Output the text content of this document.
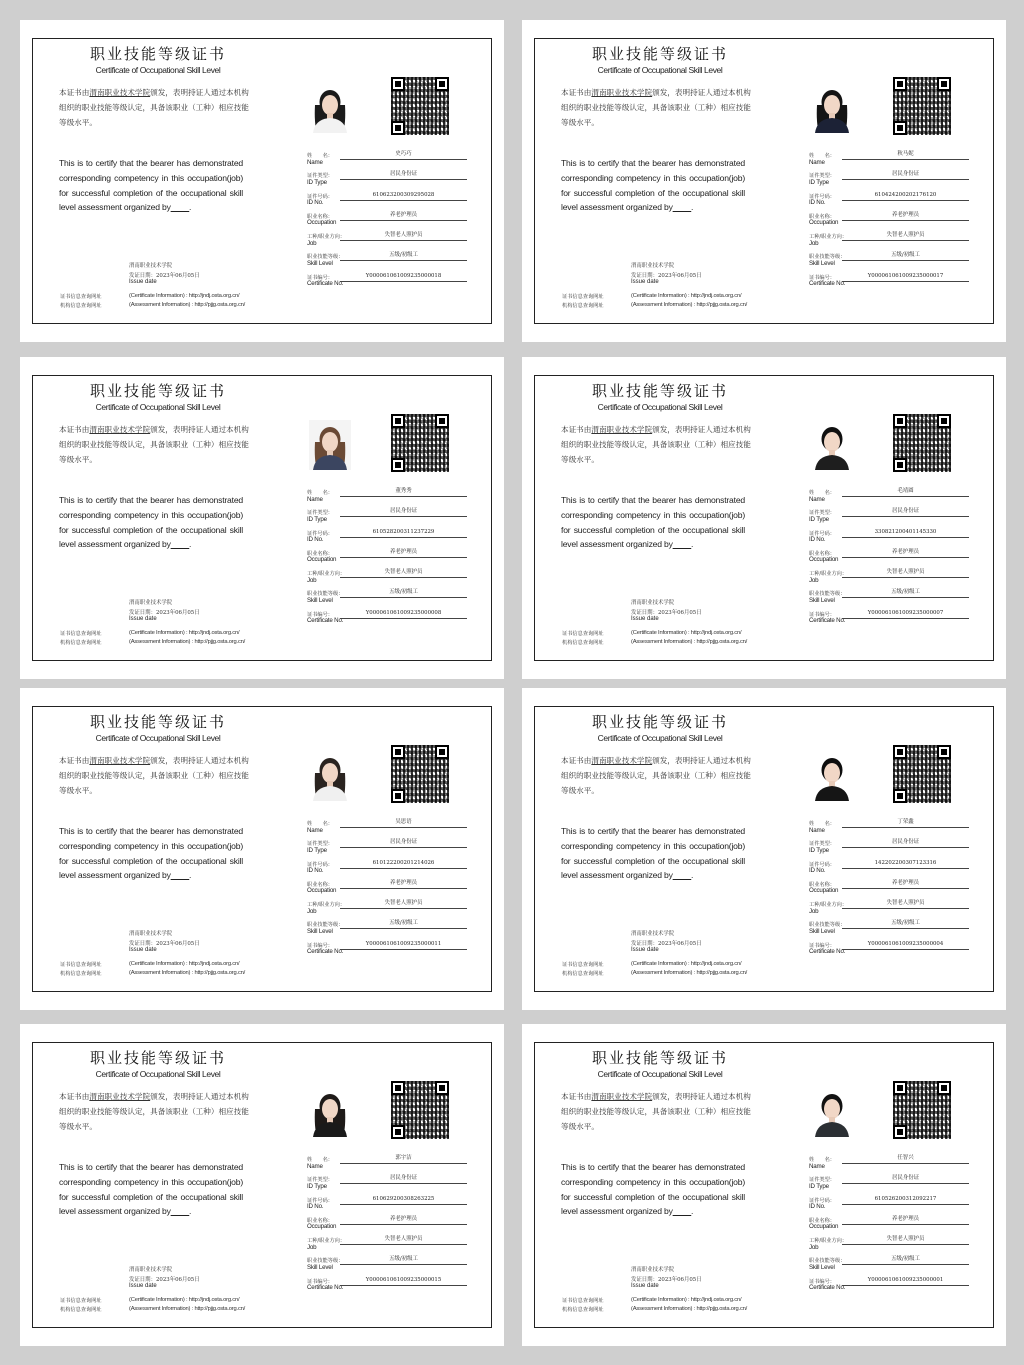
职业技能等级证书
Certificate of Occupational Skill Level
本证书由渭南职业技术学院颁发，表明持证人通过本机构组织的职业技能等级认定，具备该职业（工种）相应技能等级水平。
This is to certify that the bearer has demonstrated corresponding competency in this occupation(job) for successful completion of the occupational skill level assessment organized by____.
姓　　名：
Name
史巧巧
证件类型：
ID Type
居民身份证
证件号码：
ID No.
610623200309295028
职业名称：
Occupation
养老护理员
工种/职业方向：
Job
失智老人照护员
职业技能等级：
Skill Level
五级/初级工
证书编号：
Certificate No.
Y000061061009235000018
渭南职业技术学院
发证日期：2023年06月05日
Issue date
证书信息查询网址	(Certificate Information) : http://jndj.osta.org.cn/
机构信息查询网址	(Assessment Information) : http://pjjg.osta.org.cn/
职业技能等级证书
Certificate of Occupational Skill Level
本证书由渭南职业技术学院颁发，表明持证人通过本机构组织的职业技能等级认定，具备该职业（工种）相应技能等级水平。
This is to certify that the bearer has demonstrated corresponding competency in this occupation(job) for successful completion of the occupational skill level assessment organized by____.
姓　　名：
Name
秋马妮
证件类型：
ID Type
居民身份证
证件号码：
ID No.
610424200202176120
职业名称：
Occupation
养老护理员
工种/职业方向：
Job
失智老人照护员
职业技能等级：
Skill Level
五级/初级工
证书编号：
Certificate No.
Y000061061009235000017
渭南职业技术学院
发证日期：2023年06月05日
Issue date
证书信息查询网址	(Certificate Information) : http://jndj.osta.org.cn/
机构信息查询网址	(Assessment Information) : http://pjjg.osta.org.cn/
职业技能等级证书
Certificate of Occupational Skill Level
本证书由渭南职业技术学院颁发，表明持证人通过本机构组织的职业技能等级认定，具备该职业（工种）相应技能等级水平。
This is to certify that the bearer has demonstrated corresponding competency in this occupation(job) for successful completion of the occupational skill level assessment organized by____.
姓　　名：
Name
董秀秀
证件类型：
ID Type
居民身份证
证件号码：
ID No.
610528200311237229
职业名称：
Occupation
养老护理员
工种/职业方向：
Job
失智老人照护员
职业技能等级：
Skill Level
五级/初级工
证书编号：
Certificate No.
Y000061061009235000008
渭南职业技术学院
发证日期：2023年06月05日
Issue date
证书信息查询网址	(Certificate Information) : http://jndj.osta.org.cn/
机构信息查询网址	(Assessment Information) : http://pjjg.osta.org.cn/
职业技能等级证书
Certificate of Occupational Skill Level
本证书由渭南职业技术学院颁发，表明持证人通过本机构组织的职业技能等级认定，具备该职业（工种）相应技能等级水平。
This is to certify that the bearer has demonstrated corresponding competency in this occupation(job) for successful completion of the occupational skill level assessment organized by____.
姓　　名：
Name
毛靖圆
证件类型：
ID Type
居民身份证
证件号码：
ID No.
330821200401145330
职业名称：
Occupation
养老护理员
工种/职业方向：
Job
失智老人照护员
职业技能等级：
Skill Level
五级/初级工
证书编号：
Certificate No.
Y000061061009235000007
渭南职业技术学院
发证日期：2023年06月05日
Issue date
证书信息查询网址	(Certificate Information) : http://jndj.osta.org.cn/
机构信息查询网址	(Assessment Information) : http://pjjg.osta.org.cn/
职业技能等级证书
Certificate of Occupational Skill Level
本证书由渭南职业技术学院颁发，表明持证人通过本机构组织的职业技能等级认定，具备该职业（工种）相应技能等级水平。
This is to certify that the bearer has demonstrated corresponding competency in this occupation(job) for successful completion of the occupational skill level assessment organized by____.
姓　　名：
Name
吴思语
证件类型：
ID Type
居民身份证
证件号码：
ID No.
610122200201214026
职业名称：
Occupation
养老护理员
工种/职业方向：
Job
失智老人照护员
职业技能等级：
Skill Level
五级/初级工
证书编号：
Certificate No.
Y000061061009235000011
渭南职业技术学院
发证日期：2023年06月05日
Issue date
证书信息查询网址	(Certificate Information) : http://jndj.osta.org.cn/
机构信息查询网址	(Assessment Information) : http://pjjg.osta.org.cn/
职业技能等级证书
Certificate of Occupational Skill Level
本证书由渭南职业技术学院颁发，表明持证人通过本机构组织的职业技能等级认定，具备该职业（工种）相应技能等级水平。
This is to certify that the bearer has demonstrated corresponding competency in this occupation(job) for successful completion of the occupational skill level assessment organized by____.
姓　　名：
Name
丁荣鑫
证件类型：
ID Type
居民身份证
证件号码：
ID No.
142202200307123316
职业名称：
Occupation
养老护理员
工种/职业方向：
Job
失智老人照护员
职业技能等级：
Skill Level
五级/初级工
证书编号：
Certificate No.
Y000061061009235000004
渭南职业技术学院
发证日期：2023年06月05日
Issue date
证书信息查询网址	(Certificate Information) : http://jndj.osta.org.cn/
机构信息查询网址	(Assessment Information) : http://pjjg.osta.org.cn/
职业技能等级证书
Certificate of Occupational Skill Level
本证书由渭南职业技术学院颁发，表明持证人通过本机构组织的职业技能等级认定，具备该职业（工种）相应技能等级水平。
This is to certify that the bearer has demonstrated corresponding competency in this occupation(job) for successful completion of the occupational skill level assessment organized by____.
姓　　名：
Name
郭宇洁
证件类型：
ID Type
居民身份证
证件号码：
ID No.
610629200308263225
职业名称：
Occupation
养老护理员
工种/职业方向：
Job
失智老人照护员
职业技能等级：
Skill Level
五级/初级工
证书编号：
Certificate No.
Y000061061009235000015
渭南职业技术学院
发证日期：2023年06月05日
Issue date
证书信息查询网址	(Certificate Information) : http://jndj.osta.org.cn/
机构信息查询网址	(Assessment Information) : http://pjjg.osta.org.cn/
职业技能等级证书
Certificate of Occupational Skill Level
本证书由渭南职业技术学院颁发，表明持证人通过本机构组织的职业技能等级认定，具备该职业（工种）相应技能等级水平。
This is to certify that the bearer has demonstrated corresponding competency in this occupation(job) for successful completion of the occupational skill level assessment organized by____.
姓　　名：
Name
任智兴
证件类型：
ID Type
居民身份证
证件号码：
ID No.
610526200312092217
职业名称：
Occupation
养老护理员
工种/职业方向：
Job
失智老人照护员
职业技能等级：
Skill Level
五级/初级工
证书编号：
Certificate No.
Y000061061009235000001
渭南职业技术学院
发证日期：2023年06月05日
Issue date
证书信息查询网址	(Certificate Information) : http://jndj.osta.org.cn/
机构信息查询网址	(Assessment Information) : http://pjjg.osta.org.cn/
